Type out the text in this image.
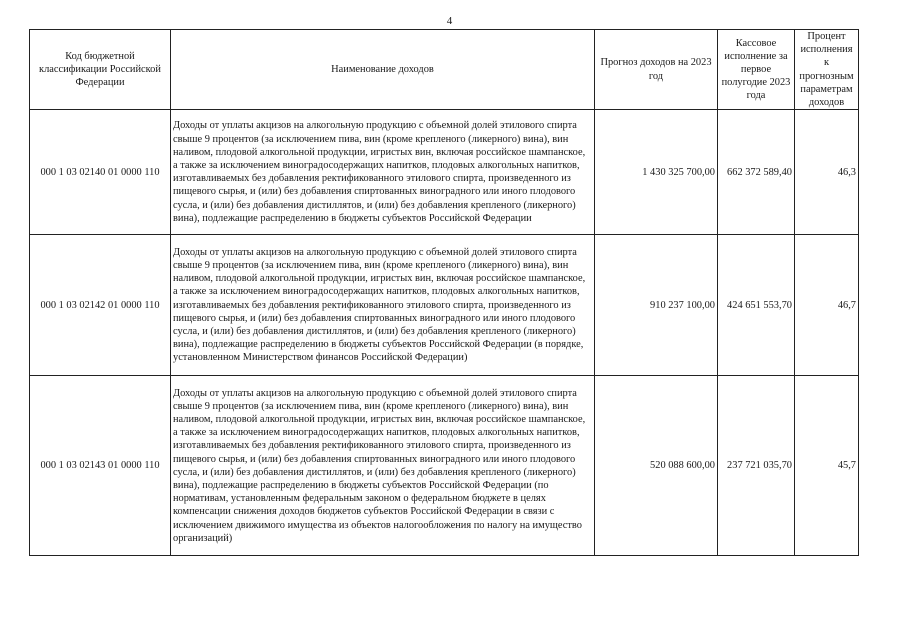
4
Код бюджетной классификации Российской Федерации	Наименование доходов	Прогноз доходов на 2023 год	Кассовое исполнение за первое полугодие 2023 года	Процент исполнения к прогнозным параметрам доходов
000 1 03 02140 01 0000 110	Доходы от уплаты акцизов на алкогольную продукцию с объемной долей этилового спирта свыше 9 процентов (за исключением пива, вин (кроме крепленого (ликерного) вина), вин наливом, плодовой алкогольной продукции, игристых вин, включая российское шампанское, а также за исключением виноградосодержащих напитков, плодовых алкогольных напитков, изготавливаемых без добавления ректификованного этилового спирта, произведенного из пищевого сырья, и (или) без добавления спиртованных виноградного или иного плодового сусла, и (или) без добавления дистиллятов, и (или) без добавления крепленого (ликерного) вина), подлежащие распределению в бюджеты субъектов Российской Федерации	1 430 325 700,00	662 372 589,40	46,3
000 1 03 02142 01 0000 110	Доходы от уплаты акцизов на алкогольную продукцию с объемной долей этилового спирта свыше 9 процентов (за исключением пива, вин (кроме крепленого (ликерного) вина), вин наливом, плодовой алкогольной продукции, игристых вин, включая российское шампанское, а также за исключением виноградосодержащих напитков, плодовых алкогольных напитков, изготавливаемых без добавления ректификованного этилового спирта, произведенного из пищевого сырья, и (или) без добавления спиртованных виноградного или иного плодового сусла, и (или) без добавления дистиллятов, и (или) без добавления крепленого (ликерного) вина), подлежащие распределению в бюджеты субъектов Российской Федерации (в порядке, установленном Министерством финансов Российской Федерации)	910 237 100,00	424 651 553,70	46,7
000 1 03 02143 01 0000 110	Доходы от уплаты акцизов на алкогольную продукцию с объемной долей этилового спирта свыше 9 процентов (за исключением пива, вин (кроме крепленого (ликерного) вина), вин наливом, плодовой алкогольной продукции, игристых вин, включая российское шампанское, а также за исключением виноградосодержащих напитков, плодовых алкогольных напитков, изготавливаемых без добавления ректификованного этилового спирта, произведенного из пищевого сырья, и (или) без добавления спиртованных виноградного или иного плодового сусла, и (или) без добавления дистиллятов, и (или) без добавления крепленого (ликерного) вина), подлежащие распределению в бюджеты субъектов Российской Федерации (по нормативам, установленным федеральным законом о федеральном бюджете в целях компенсации снижения доходов бюджетов субъектов Российской Федерации в связи с исключением движимого имущества из объектов налогообложения по налогу на имущество организаций)	520 088 600,00	237 721 035,70	45,7
